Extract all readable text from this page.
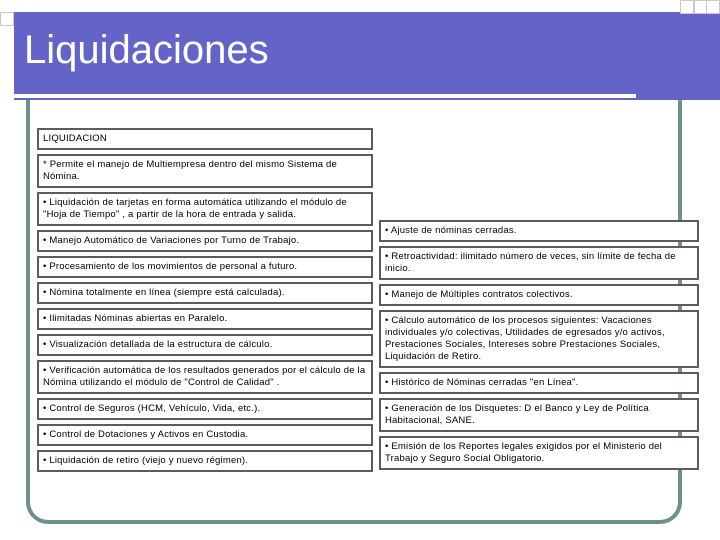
Liquidaciones
LIQUIDACION
* Permite el manejo de Multiempresa dentro del mismo Sistema de Nómina.
• Liquidación de tarjetas en forma automática utilizando el módulo de "Hoja de Tiempo" , a partir de la hora de entrada y salida.
• Manejo Automático de Variaciones por Turno de Trabajo.
• Procesamiento de los movimientos de personal a futuro.
• Nómina totalmente en línea (siempre está calculada).
• Ilimitadas Nóminas abiertas en Paralelo.
• Visualización detallada de la estructura de cálculo.
• Verificación automática de los resultados generados por el cálculo de la Nómina utilizando el módulo de "Control de Calidad" .
• Control de Seguros (HCM, Vehículo, Vida, etc.).
• Control de Dotaciones y Activos en Custodia.
• Liquidación de retiro (viejo y nuevo régimen).
• Ajuste de nóminas cerradas.
• Retroactividad: ilimitado número de veces, sin límite de fecha de inicio.
• Manejo de Múltiples contratos colectivos.
• Cálculo automático de los procesos siguientes: Vacaciones individuales y/o colectivas, Utilidades de egresados y/o activos, Prestaciones Sociales, Intereses sobre Prestaciones Sociales, Liquidación de Retiro.
• Histórico de Nóminas cerradas "en Línea".
• Generación de los Disquetes: D el Banco y Ley de Política Habitacional, SANE.
• Emisión de los Reportes legales exigidos por el Ministerio del Trabajo y Seguro Social Obligatorio.
